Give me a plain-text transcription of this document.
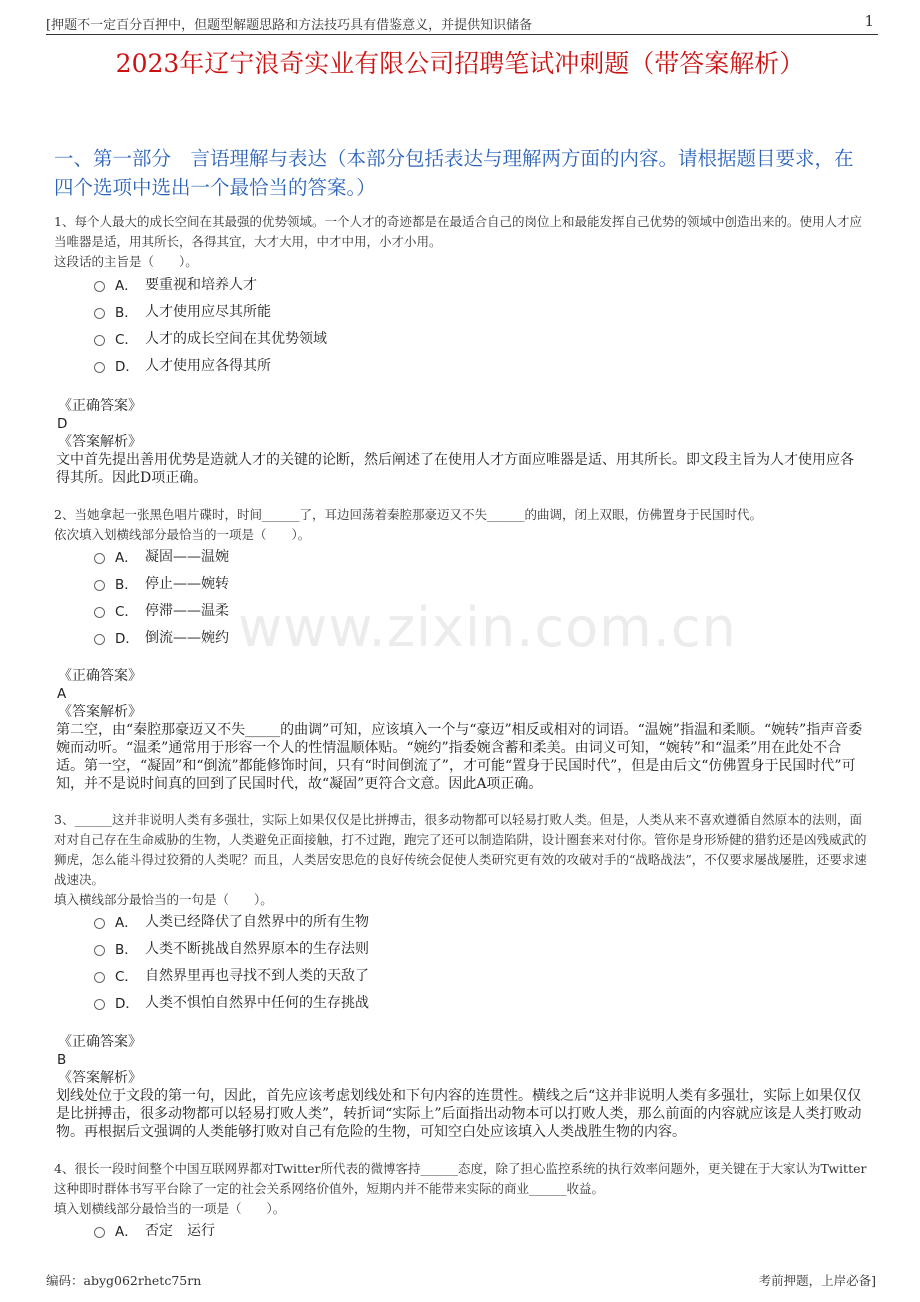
[押题不一定百分百押中，但题型解题思路和方法技巧具有借鉴意义，并提供知识储备	1
2023年辽宁浪奇实业有限公司招聘笔试冲刺题（带答案解析）
一、第一部分　言语理解与表达（本部分包括表达与理解两方面的内容。请根据题目要求，在四个选项中选出一个最恰当的答案。）
www.zixin.com.cn
1、每个人最大的成长空间在其最强的优势领域。一个人才的奇迹都是在最适合自己的岗位上和最能发挥自己优势的领域中创造出来的。使用人才应当唯器是适，用其所长，各得其宜，大才大用，中才中用，小才小用。
这段话的主旨是（　　）。
A． 要重视和培养人才
B． 人才使用应尽其所能
C． 人才的成长空间在其优势领域
D． 人才使用应各得其所
《正确答案》
D
《答案解析》
文中首先提出善用优势是造就人才的关键的论断，然后阐述了在使用人才方面应唯器是适、用其所长。即文段主旨为人才使用应各得其所。因此D项正确。
2、当她拿起一张黑色唱片碟时，时间______了，耳边回荡着秦腔那豪迈又不失______的曲调，闭上双眼，仿佛置身于民国时代。
依次填入划横线部分最恰当的一项是（　　）。
A． 凝固——温婉
B． 停止——婉转
C． 停滞——温柔
D． 倒流——婉约
《正确答案》
A
《答案解析》
第二空，由“秦腔那豪迈又不失_____的曲调”可知，应该填入一个与“豪迈”相反或相对的词语。“温婉”指温和柔顺。“婉转”指声音委婉而动听。“温柔”通常用于形容一个人的性情温顺体贴。“婉约”指委婉含蓄和柔美。由词义可知，“婉转”和“温柔”用在此处不合适。第一空，“凝固”和“倒流”都能修饰时间，只有“时间倒流了”，才可能“置身于民国时代”，但是由后文“仿佛置身于民国时代”可知，并不是说时间真的回到了民国时代，故“凝固”更符合文意。因此A项正确。
3、______这并非说明人类有多强壮，实际上如果仅仅是比拼搏击，很多动物都可以轻易打败人类。但是，人类从来不喜欢遵循自然原本的法则，面对对自己存在生命威胁的生物，人类避免正面接触，打不过跑，跑完了还可以制造陷阱，设计圈套来对付你。管你是身形矫健的猎豹还是凶残威武的狮虎，怎么能斗得过狡猾的人类呢？而且，人类居安思危的良好传统会促使人类研究更有效的攻破对手的“战略战法”，不仅要求屡战屡胜，还要求速战速决。
填入横线部分最恰当的一句是（　　）。
A． 人类已经降伏了自然界中的所有生物
B． 人类不断挑战自然界原本的生存法则
C． 自然界里再也寻找不到人类的天敌了
D． 人类不惧怕自然界中任何的生存挑战
《正确答案》
B
《答案解析》
划线处位于文段的第一句，因此，首先应该考虑划线处和下句内容的连贯性。横线之后“这并非说明人类有多强壮，实际上如果仅仅是比拼搏击，很多动物都可以轻易打败人类”，转折词“实际上”后面指出动物本可以打败人类，那么前面的内容就应该是人类打败动物。再根据后文强调的人类能够打败对自己有危险的生物，可知空白处应该填入人类战胜生物的内容。
4、很长一段时间整个中国互联网界都对Twitter所代表的微博客持______态度，除了担心监控系统的执行效率问题外，更关键在于大家认为Twitter这种即时群体书写平台除了一定的社会关系网络价值外，短期内并不能带来实际的商业______收益。
填入划横线部分最恰当的一项是（　　）。
A． 否定　运行
编码：abyg062rhetc75rn	考前押题，上岸必备]
